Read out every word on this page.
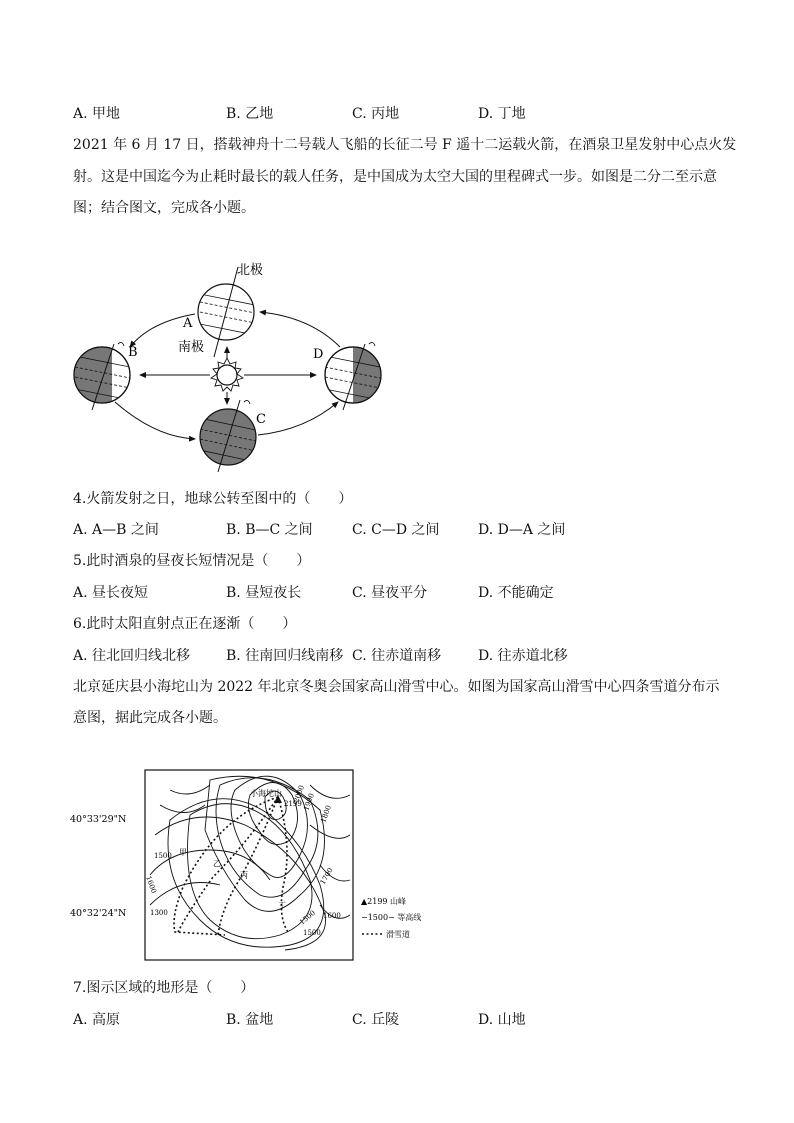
A. 甲地	B. 乙地	C. 丙地	D. 丁地
2021 年 6 月 17 日，搭载神舟十二号载人飞船的长征二号 F 遥十二运载火箭，在酒泉卫星发射中心点火发
射。这是中国迄今为止耗时最长的载人任务，是中国成为太空大国的里程碑式一步。如图是二分二至示意
图；结合图文，完成各小题。
北极
南极
A
B
C
D
4.火箭发射之日，地球公转至图中的（　　）
A. A—B 之间	B. B—C 之间	C. C—D 之间	D. D—A 之间
5.此时酒泉的昼夜长短情况是（　　）
A. 昼长夜短	B. 昼短夜长	C. 昼夜平分	D. 不能确定
6.此时太阳直射点正在逐渐（　　）
A. 往北回归线北移	B. 往南回归线南移 C. 往赤道南移	D. 往赤道北移
北京延庆县小海坨山为 2022 年北京冬奥会国家高山滑雪中心。如图为国家高山滑雪中心四条雪道分布示
意图，据此完成各小题。
小海坨山
2199
2000
1900
1800
1700
1600
1500
1600
1300	1500
1500
甲
乙
丙
丁
40°33'29"N
40°32'24"N
▲2199 山峰
−1500− 等高线
滑雪道
7.图示区域的地形是（　　）
A. 高原	B. 盆地	C. 丘陵	D. 山地
